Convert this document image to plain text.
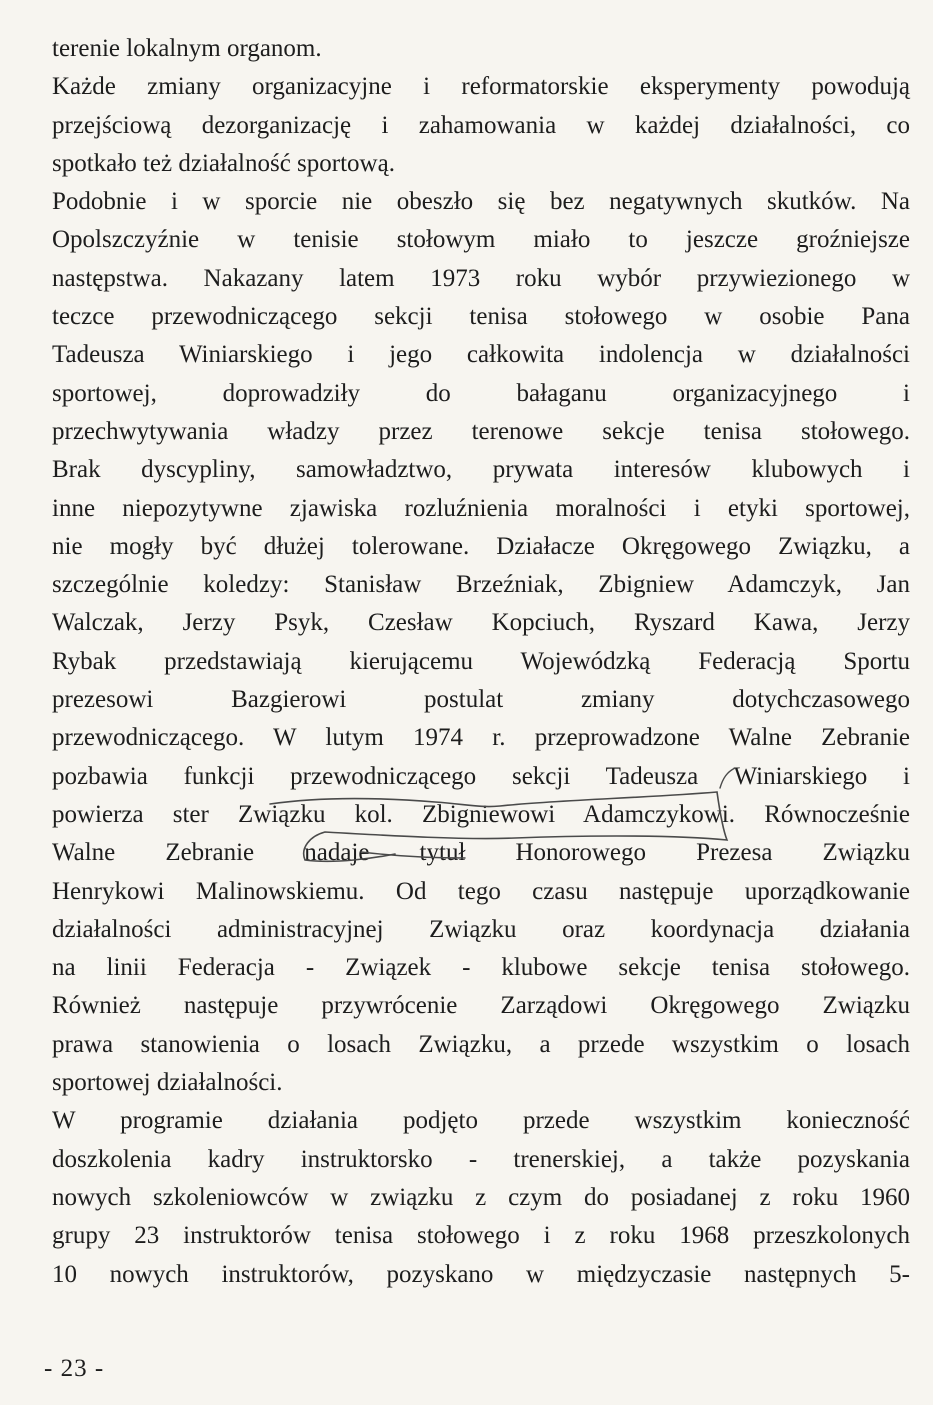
terenie lokalnym organom.
Każde zmiany organizacyjne i reformatorskie eksperymenty powodują
przejściową dezorganizację i zahamowania w każdej działalności, co
spotkało też działalność sportową.
Podobnie i w sporcie nie obeszło się bez negatywnych skutków. Na
Opolszczyźnie w tenisie stołowym miało to jeszcze groźniejsze
następstwa. Nakazany latem 1973 roku wybór przywiezionego w
teczce przewodniczącego sekcji tenisa stołowego w osobie Pana
Tadeusza Winiarskiego i jego całkowita indolencja w działalności
sportowej, doprowadziły do bałaganu organizacyjnego i
przechwytywania władzy przez terenowe sekcje tenisa stołowego.
Brak dyscypliny, samowładztwo, prywata interesów klubowych i
inne niepozytywne zjawiska rozluźnienia moralności i etyki sportowej,
nie mogły być dłużej tolerowane. Działacze Okręgowego Związku, a
szczególnie koledzy: Stanisław Brzeźniak, Zbigniew Adamczyk, Jan
Walczak, Jerzy Psyk, Czesław Kopciuch, Ryszard Kawa, Jerzy
Rybak przedstawiają kierującemu Wojewódzką Federacją Sportu
prezesowi Bazgierowi postulat zmiany dotychczasowego
przewodniczącego. W lutym 1974 r. przeprowadzone Walne Zebranie
pozbawia funkcji przewodniczącego sekcji Tadeusza Winiarskiego i
powierza ster Związku kol. Zbigniewowi Adamczykowi. Równocześnie
Walne Zebranie nadaje tytuł Honorowego Prezesa Związku
Henrykowi Malinowskiemu. Od tego czasu następuje uporządkowanie
działalności administracyjnej Związku oraz koordynacja działania
na linii Federacja - Związek - klubowe sekcje tenisa stołowego.
Również następuje przywrócenie Zarządowi Okręgowego Związku
prawa stanowienia o losach Związku, a przede wszystkim o losach
sportowej działalności.
W programie działania podjęto przede wszystkim konieczność
doszkolenia kadry instruktorsko - trenerskiej, a także pozyskania
nowych szkoleniowców w związku z czym do posiadanej z roku 1960
grupy 23 instruktorów tenisa stołowego i z roku 1968 przeszkolonych
10 nowych instruktorów, pozyskano w międzyczasie następnych 5-
- 23 -
